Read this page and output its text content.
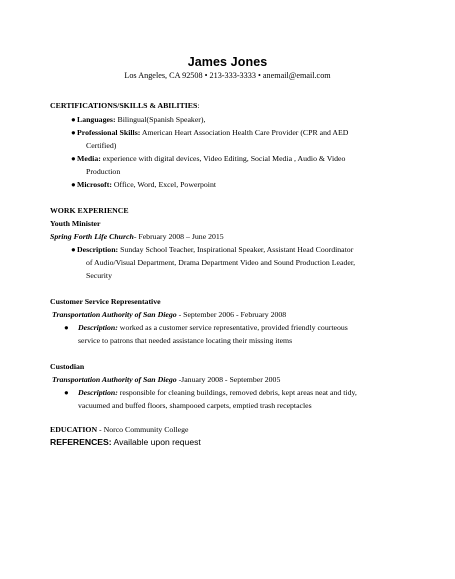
James Jones
Los Angeles, CA 92508 • 213-333-3333 • anemail@email.com
CERTIFICATIONS/SKILLS & ABILITIES:
●Languages: Bilingual(Spanish Speaker),
●Professional Skills: American Heart Association Health Care Provider (CPR and AED
Certified)
●Media: experience with digital devices, Video Editing, Social Media , Audio & Video
Production
●Microsoft: Office, Word, Excel, Powerpoint
WORK EXPERIENCE
Youth Minister
Spring Forth Life Church- February 2008 – June 2015
●Description: Sunday School Teacher, Inspirational Speaker, Assistant Head Coordinator
of Audio/Visual Department, Drama Department Video and Sound Production Leader,
Security
Customer Service Representative
Transportation Authority of San Diego - September 2006 - February 2008
● Description: worked as a customer service representative, provided friendly courteous
service to patrons that needed assistance locating their missing items
Custodian
Transportation Authority of San Diego -January 2008 - September 2005
● Description: responsible for cleaning buildings, removed debris, kept areas neat and tidy,
vacuumed and buffed floors, shampooed carpets, emptied trash receptacles
EDUCATION - Norco Community College
REFERENCES: Available upon request
